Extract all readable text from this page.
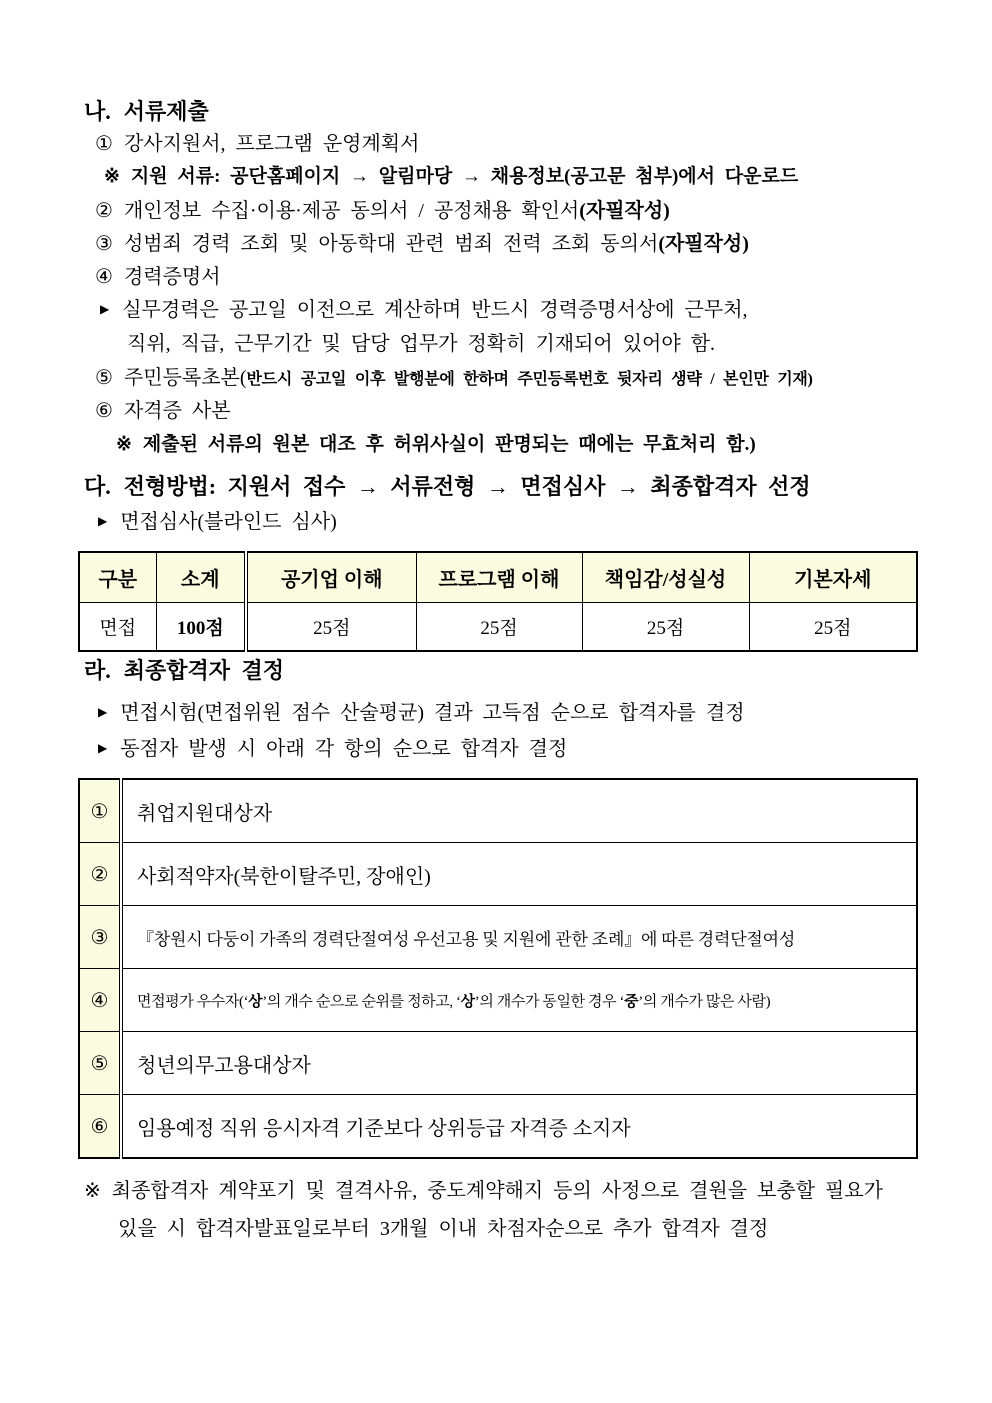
나. 서류제출
① 강사지원서, 프로그램 운영계획서
※ 지원 서류: 공단홈페이지 → 알림마당 → 채용정보(공고문 첨부)에서 다운로드
② 개인정보 수집·이용·제공 동의서 / 공정채용 확인서(자필작성)
③ 성범죄 경력 조회 및 아동학대 관련 범죄 전력 조회 동의서(자필작성)
④ 경력증명서
▶ 실무경력은 공고일 이전으로 계산하며 반드시 경력증명서상에 근무처,
직위, 직급, 근무기간 및 담당 업무가 정확히 기재되어 있어야 함.
⑤ 주민등록초본(반드시 공고일 이후 발행분에 한하며 주민등록번호 뒷자리 생략 / 본인만 기재)
⑥ 자격증 사본
※ 제출된 서류의 원본 대조 후 허위사실이 판명되는 때에는 무효처리 함.)
다. 전형방법: 지원서 접수 → 서류전형 → 면접심사 → 최종합격자 선정
▶ 면접심사(블라인드 심사)
구분	소계	공기업 이해	프로그램 이해	책임감/성실성	기본자세
면접	100점	25점	25점	25점	25점
라. 최종합격자 결정
▶ 면접시험(면접위원 점수 산술평균) 결과 고득점 순으로 합격자를 결정
▶ 동점자 발생 시 아래 각 항의 순으로 합격자 결정
①	취업지원대상자
②	사회적약자(북한이탈주민, 장애인)
③	『창원시 다둥이 가족의 경력단절여성 우선고용 및 지원에 관한 조례』에 따른 경력단절여성
④	면접평가 우수자(‘상’의 개수 순으로 순위를 정하고, ‘상’의 개수가 동일한 경우 ‘중’의 개수가 많은 사람)
⑤	청년의무고용대상자
⑥	임용예정 직위 응시자격 기준보다 상위등급 자격증 소지자
※ 최종합격자 계약포기 및 결격사유, 중도계약해지 등의 사정으로 결원을 보충할 필요가
있을 시 합격자발표일로부터 3개월 이내 차점자순으로 추가 합격자 결정
